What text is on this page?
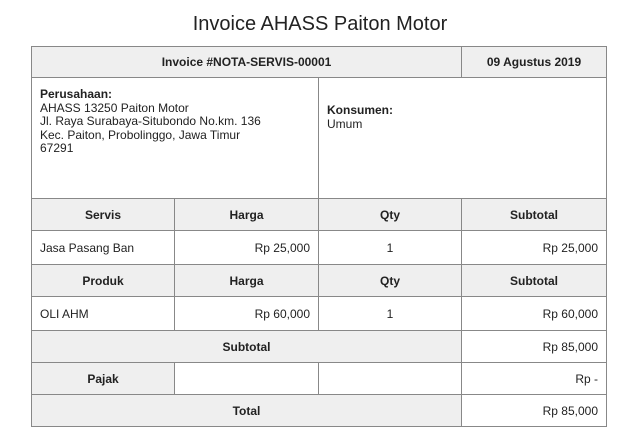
Invoice AHASS Paiton Motor
Invoice #NOTA-SERVIS-00001			09 Agustus 2019

Perusahaan:
AHASS 13250 Paiton Motor
Jl. Raya Surabaya-Situbondo No.km. 136
Kec. Paiton, Probolinggo, Jawa Timur
67291		Konsumen:
Umum	

Servis	Harga	Qty	Subtotal
Jasa Pasang Ban	Rp 25,000	1	Rp 25,000
Produk	Harga	Qty	Subtotal
OLI AHM	Rp 60,000	1	Rp 60,000
Subtotal			Rp 85,000
Pajak			Rp -
Total			Rp 85,000
